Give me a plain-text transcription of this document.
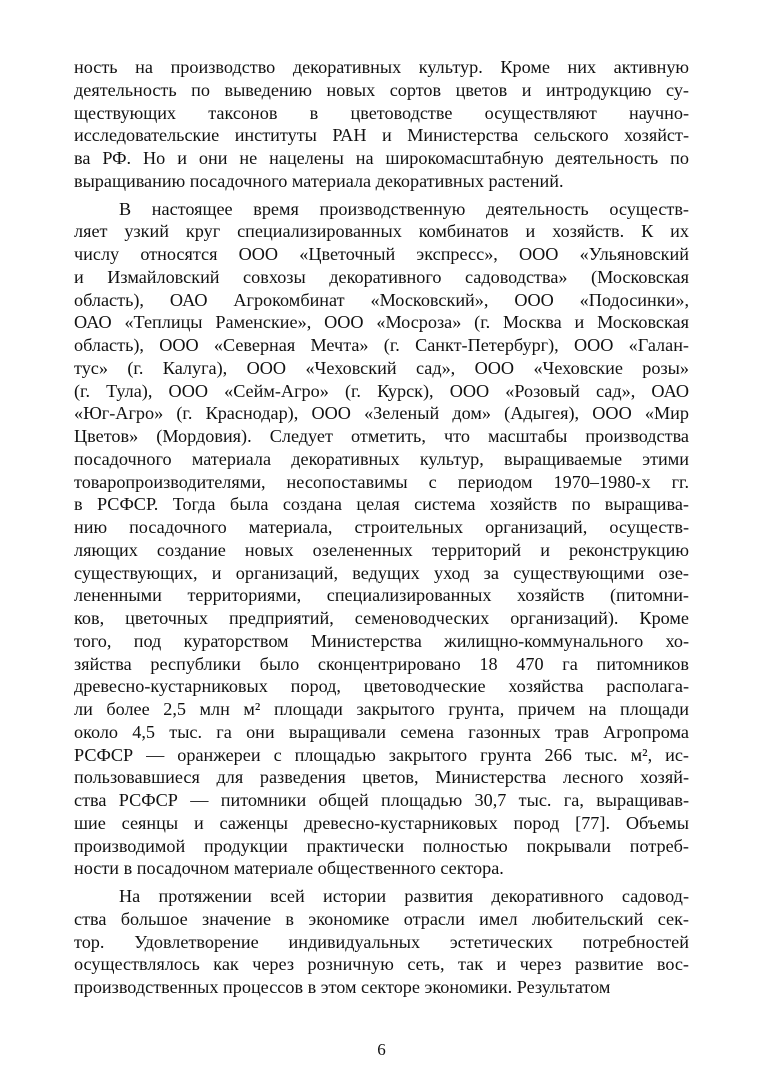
ность на производство декоративных культур. Кроме них активную
деятельность по выведению новых сортов цветов и интродукцию су-
ществующих таксонов в цветоводстве осуществляют научно-
исследовательские институты РАН и Министерства сельского хозяйст-
ва РФ. Но и они не нацелены на широкомасштабную деятельность по
выращиванию посадочного материала декоративных растений.
В настоящее время производственную деятельность осуществ-
ляет узкий круг специализированных комбинатов и хозяйств. К их
числу относятся ООО «Цветочный экспресс», ООО «Ульяновский
и Измайловский совхозы декоративного садоводства» (Московская
область), ОАО Агрокомбинат «Московский», ООО «Подосинки»,
ОАО «Теплицы Раменские», ООО «Мосроза» (г. Москва и Московская
область), ООО «Северная Мечта» (г. Санкт-Петербург), ООО «Галан-
тус» (г. Калуга), ООО «Чеховский сад», ООО «Чеховские розы»
(г. Тула), ООО «Сейм-Агро» (г. Курск), ООО «Розовый сад», ОАО
«Юг-Агро» (г. Краснодар), ООО «Зеленый дом» (Адыгея), ООО «Мир
Цветов» (Мордовия). Следует отметить, что масштабы производства
посадочного материала декоративных культур, выращиваемые этими
товаропроизводителями, несопоставимы с периодом 1970–1980-х гг.
в РСФСР. Тогда была создана целая система хозяйств по выращива-
нию посадочного материала, строительных организаций, осуществ-
ляющих создание новых озелененных территорий и реконструкцию
существующих, и организаций, ведущих уход за существующими озе-
лененными территориями, специализированных хозяйств (питомни-
ков, цветочных предприятий, семеноводческих организаций). Кроме
того, под кураторством Министерства жилищно-коммунального хо-
зяйства республики было сконцентрировано 18 470 га питомников
древесно-кустарниковых пород, цветоводческие хозяйства располага-
ли более 2,5 млн м² площади закрытого грунта, причем на площади
около 4,5 тыс. га они выращивали семена газонных трав Агропрома
РСФСР — оранжереи с площадью закрытого грунта 266 тыс. м², ис-
пользовавшиеся для разведения цветов, Министерства лесного хозяй-
ства РСФСР — питомники общей площадью 30,7 тыс. га, выращивав-
шие сеянцы и саженцы древесно-кустарниковых пород [77]. Объемы
производимой продукции практически полностью покрывали потреб-
ности в посадочном материале общественного сектора.
На протяжении всей истории развития декоративного садовод-
ства большое значение в экономике отрасли имел любительский сек-
тор. Удовлетворение индивидуальных эстетических потребностей
осуществлялось как через розничную сеть, так и через развитие вос-
производственных процессов в этом секторе экономики. Результатом
6
